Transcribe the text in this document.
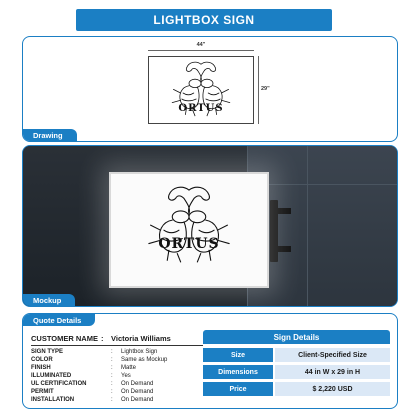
LIGHTBOX SIGN
Drawing
44"
29"
ORTUS
ORTUS
Mockup
Quote Details
CUSTOMER NAME : Victoria Williams
SIGN TYPE	: Lightbox Sign
COLOR	: Same as Mockup
FINISH	: Matte
ILLUMINATED	: Yes
UL CERTIFICATION	: On Demand
PERMIT	: On Demand
INSTALLATION	: On Demand
Sign Details
Size	Client-Specified Size
Dimensions	44 in W x 29 in H
Price	$ 2,220 USD
